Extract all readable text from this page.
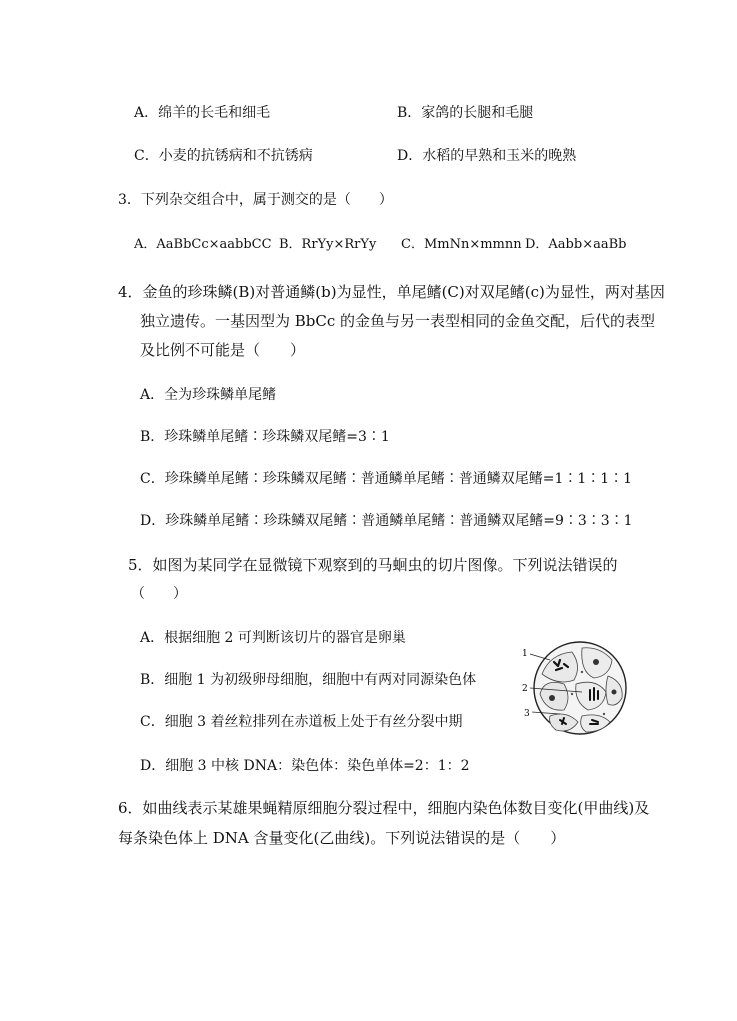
A．绵羊的长毛和细毛	B．家鸽的长腿和毛腿
C．小麦的抗锈病和不抗锈病	D．水稻的早熟和玉米的晚熟
3．下列杂交组合中，属于测交的是（　　）
A．AaBbCc×aabbCC B．RrYy×RrYy C．MmNn×mmnn D．Aabb×aaBb
4．金鱼的珍珠鳞(B)对普通鳞(b)为显性，单尾鳍(C)对双尾鳍(c)为显性，两对基因
独立遗传。一基因型为 BbCc 的金鱼与另一表型相同的金鱼交配，后代的表型
及比例不可能是（　　）
A．全为珍珠鳞单尾鳍
B．珍珠鳞单尾鳍∶珍珠鳞双尾鳍=3∶1
C．珍珠鳞单尾鳍∶珍珠鳞双尾鳍∶普通鳞单尾鳍∶普通鳞双尾鳍=1∶1∶1∶1
D．珍珠鳞单尾鳍∶珍珠鳞双尾鳍∶普通鳞单尾鳍∶普通鳞双尾鳍=9∶3∶3∶1
5．如图为某同学在显微镜下观察到的马蛔虫的切片图像。下列说法错误的
（　　）
A．根据细胞 2 可判断该切片的器官是卵巢
B．细胞 1 为初级卵母细胞，细胞中有两对同源染色体
C．细胞 3 着丝粒排列在赤道板上处于有丝分裂中期
D．细胞 3 中核 DNA：染色体：染色单体=2：1：2
1
2
3
6．如曲线表示某雄果蝇精原细胞分裂过程中，细胞内染色体数目变化(甲曲线)及
每条染色体上 DNA 含量变化(乙曲线)。下列说法错误的是（　　）
